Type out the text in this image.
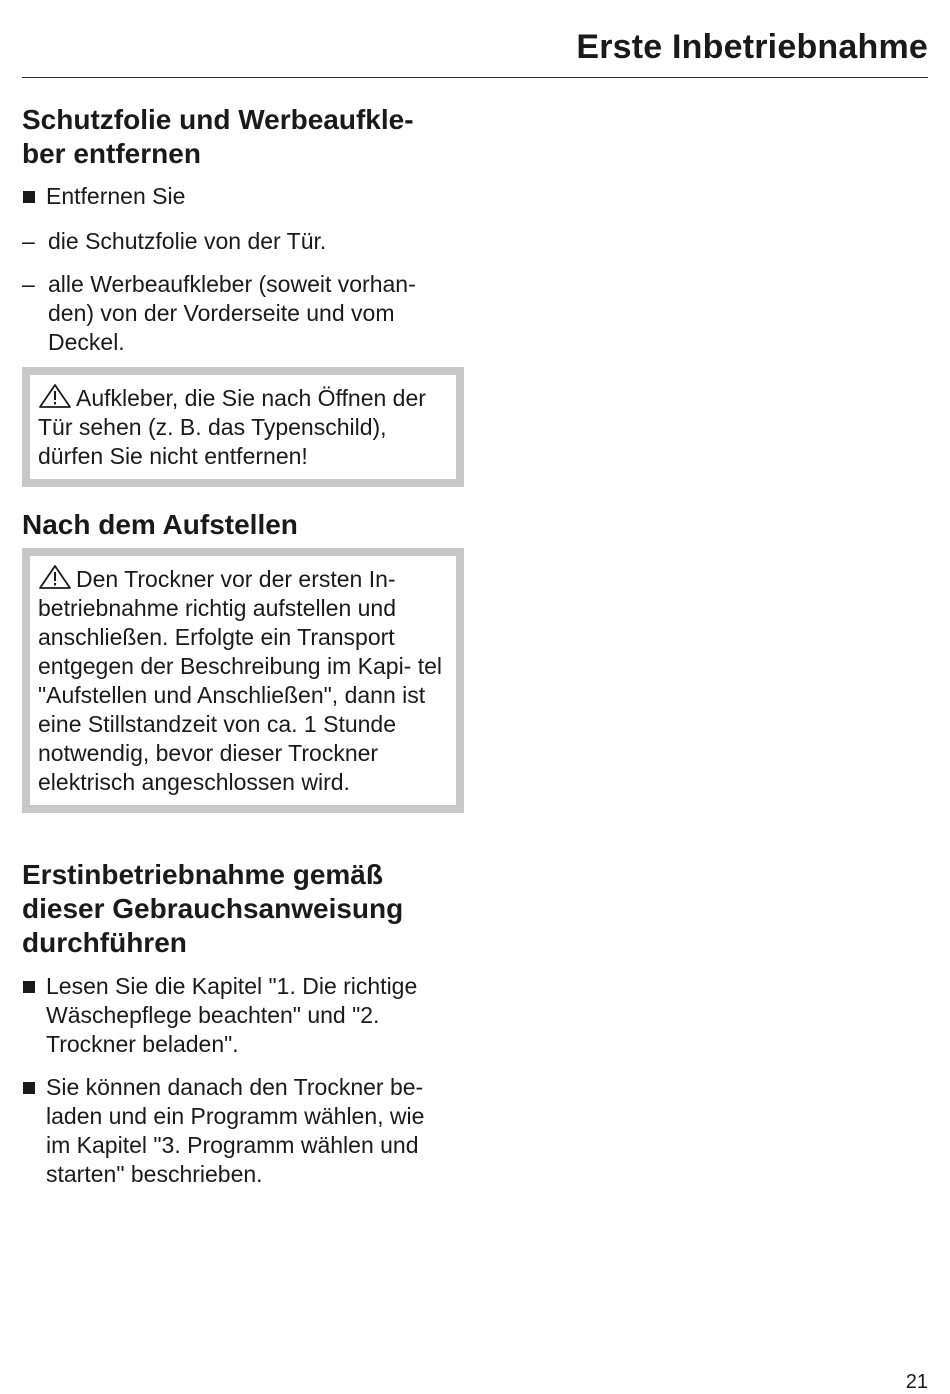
Erste Inbetriebnahme
Schutzfolie und Werbeaufkle- ber entfernen
Entfernen Sie
– die Schutzfolie von der Tür.
– alle Werbeaufkleber (soweit vorhan- den) von der Vorderseite und vom Deckel.
Aufkleber, die Sie nach Öffnen der Tür sehen (z. B. das Typenschild), dürfen Sie nicht entfernen!
Nach dem Aufstellen
Den Trockner vor der ersten In- betriebnahme richtig aufstellen und anschließen. Erfolgte ein Transport entgegen der Beschreibung im Kapi- tel "Aufstellen und Anschließen", dann ist eine Stillstandzeit von ca. 1 Stunde notwendig, bevor dieser Trockner elektrisch angeschlossen wird.
Erstinbetriebnahme gemäß dieser Gebrauchsanweisung durchführen
Lesen Sie die Kapitel "1. Die richtige Wäschepflege beachten" und "2. Trockner beladen".
Sie können danach den Trockner be- laden und ein Programm wählen, wie im Kapitel "3. Programm wählen und starten" beschrieben.
21
